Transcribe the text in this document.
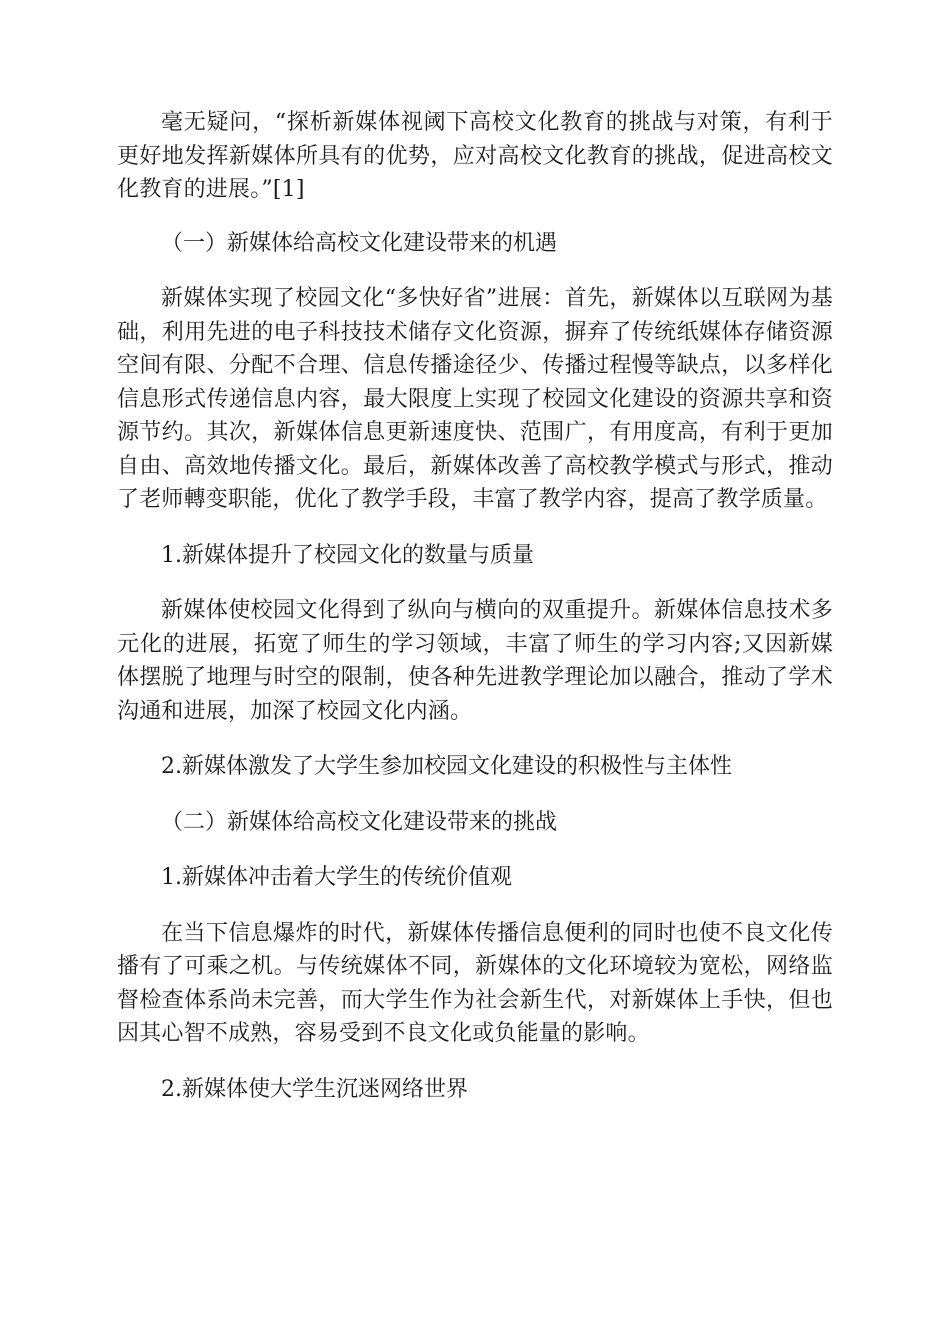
毫无疑问，“探析新媒体视阈下高校文化教育的挑战与对策，有利于更好地发挥新媒体所具有的优势，应对高校文化教育的挑战，促进高校文化教育的进展。”[1]

（一）新媒体给高校文化建设带来的机遇

新媒体实现了校园文化“多快好省”进展：首先，新媒体以互联网为基础，利用先进的电子科技技术储存文化资源，摒弃了传统纸媒体存储资源空间有限、分配不合理、信息传播途径少、传播过程慢等缺点，以多样化信息形式传递信息内容，最大限度上实现了校园文化建设的资源共享和资源节约。其次，新媒体信息更新速度快、范围广，有用度高，有利于更加自由、高效地传播文化。最后，新媒体改善了高校教学模式与形式，推动了老师轉变职能，优化了教学手段，丰富了教学内容，提高了教学质量。

1.新媒体提升了校园文化的数量与质量

新媒体使校园文化得到了纵向与横向的双重提升。新媒体信息技术多元化的进展，拓宽了师生的学习领域，丰富了师生的学习内容;又因新媒体摆脱了地理与时空的限制，使各种先进教学理论加以融合，推动了学术沟通和进展，加深了校园文化内涵。

2.新媒体激发了大学生参加校园文化建设的积极性与主体性

（二）新媒体给高校文化建设带来的挑战

1.新媒体冲击着大学生的传统价值观

在当下信息爆炸的时代，新媒体传播信息便利的同时也使不良文化传播有了可乘之机。与传统媒体不同，新媒体的文化环境较为宽松，网络监督检查体系尚未完善，而大学生作为社会新生代，对新媒体上手快，但也因其心智不成熟，容易受到不良文化或负能量的影响。

2.新媒体使大学生沉迷网络世界
